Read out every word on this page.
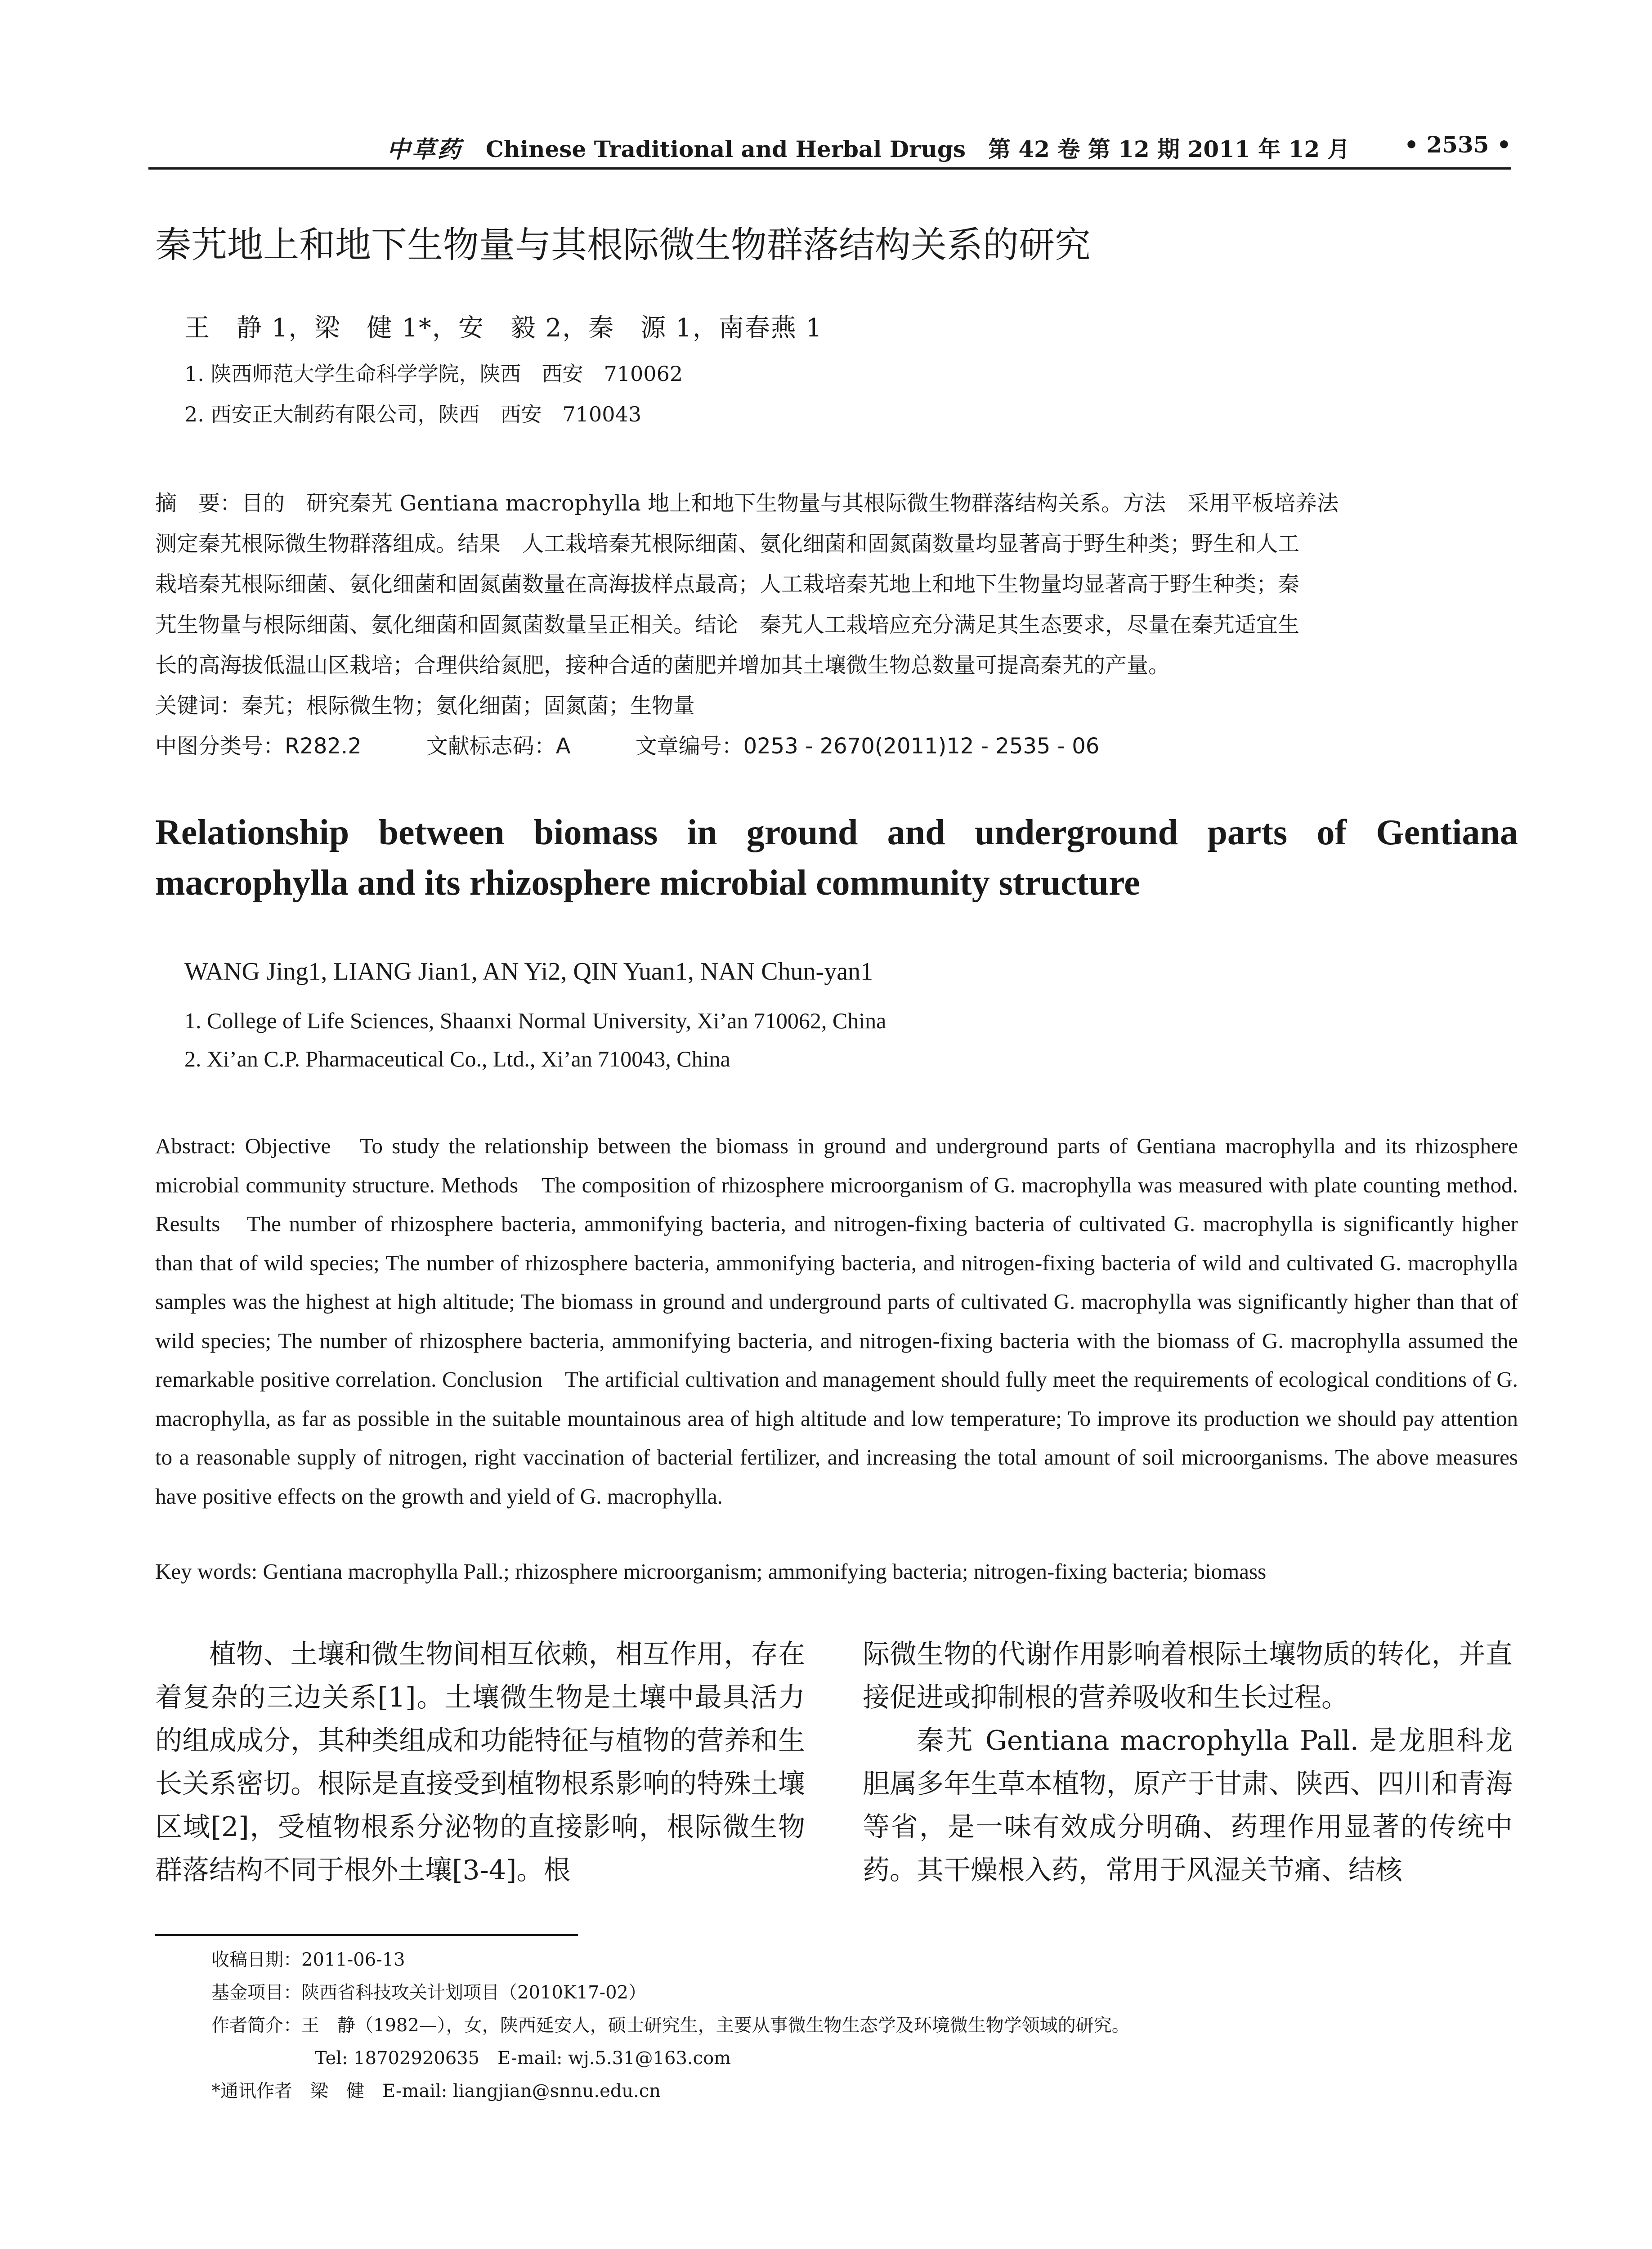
中草药 Chinese Traditional and Herbal Drugs　第 42 卷 第 12 期 2011 年 12 月 • 2535 •
秦艽地上和地下生物量与其根际微生物群落结构关系的研究
王　静 1，梁　健 1*，安　毅 2，秦　源 1，南春燕 1
1. 陕西师范大学生命科学学院，陕西　西安　710062
2. 西安正大制药有限公司，陕西　西安　710043
摘　要：目的　研究秦艽 Gentiana macrophylla 地上和地下生物量与其根际微生物群落结构关系。方法　采用平板培养法
测定秦艽根际微生物群落组成。结果　人工栽培秦艽根际细菌、氨化细菌和固氮菌数量均显著高于野生种类；野生和人工
栽培秦艽根际细菌、氨化细菌和固氮菌数量在高海拔样点最高；人工栽培秦艽地上和地下生物量均显著高于野生种类；秦
艽生物量与根际细菌、氨化细菌和固氮菌数量呈正相关。结论　秦艽人工栽培应充分满足其生态要求，尽量在秦艽适宜生
长的高海拔低温山区栽培；合理供给氮肥，接种合适的菌肥并增加其土壤微生物总数量可提高秦艽的产量。
关键词：秦艽；根际微生物；氨化细菌；固氮菌；生物量
中图分类号：R282.2　　　文献标志码：A　　　文章编号：0253 - 2670(2011)12 - 2535 - 06
Relationship between biomass in ground and underground parts of Gentiana macrophylla and its rhizosphere microbial community structure
WANG Jing1, LIANG Jian1, AN Yi2, QIN Yuan1, NAN Chun-yan1
1. College of Life Sciences, Shaanxi Normal University, Xi’an 710062, China
2. Xi’an C.P. Pharmaceutical Co., Ltd., Xi’an 710043, China
Abstract: Objective　To study the relationship between the biomass in ground and underground parts of Gentiana macrophylla and its rhizosphere microbial community structure. Methods　The composition of rhizosphere microorganism of G. macrophylla was measured with plate counting method. Results　The number of rhizosphere bacteria, ammonifying bacteria, and nitrogen-fixing bacteria of cultivated G. macrophylla is significantly higher than that of wild species; The number of rhizosphere bacteria, ammonifying bacteria, and nitrogen-fixing bacteria of wild and cultivated G. macrophylla samples was the highest at high altitude; The biomass in ground and underground parts of cultivated G. macrophylla was significantly higher than that of wild species; The number of rhizosphere bacteria, ammonifying bacteria, and nitrogen-fixing bacteria with the biomass of G. macrophylla assumed the remarkable positive correlation. Conclusion　The artificial cultivation and management should fully meet the requirements of ecological conditions of G. macrophylla, as far as possible in the suitable mountainous area of high altitude and low temperature; To improve its production we should pay attention to a reasonable supply of nitrogen, right vaccination of bacterial fertilizer, and increasing the total amount of soil microorganisms. The above measures have positive effects on the growth and yield of G. macrophylla.
Key words: Gentiana macrophylla Pall.; rhizosphere microorganism; ammonifying bacteria; nitrogen-fixing bacteria; biomass

植物、土壤和微生物间相互依赖，相互作用，存在着复杂的三边关系[1]。土壤微生物是土壤中最具活力的组成成分，其种类组成和功能特征与植物的营养和生长关系密切。根际是直接受到植物根系影响的特殊土壤区域[2]，受植物根系分泌物的直接影响，根际微生物群落结构不同于根外土壤[3-4]。根

际微生物的代谢作用影响着根际土壤物质的转化，并直接促进或抑制根的营养吸收和生长过程。

秦艽 Gentiana macrophylla Pall. 是龙胆科龙胆属多年生草本植物，原产于甘肃、陕西、四川和青海等省，是一味有效成分明确、药理作用显著的传统中药。其干燥根入药，常用于风湿关节痛、结核

收稿日期：2011-06-13
基金项目：陕西省科技攻关计划项目（2010K17-02）
作者简介：王　静（1982—），女，陕西延安人，硕士研究生，主要从事微生物生态学及环境微生物学领域的研究。
Tel: 18702920635　E-mail: wj.5.31@163.com
*通讯作者　梁　健　E-mail: liangjian@snnu.edu.cn
